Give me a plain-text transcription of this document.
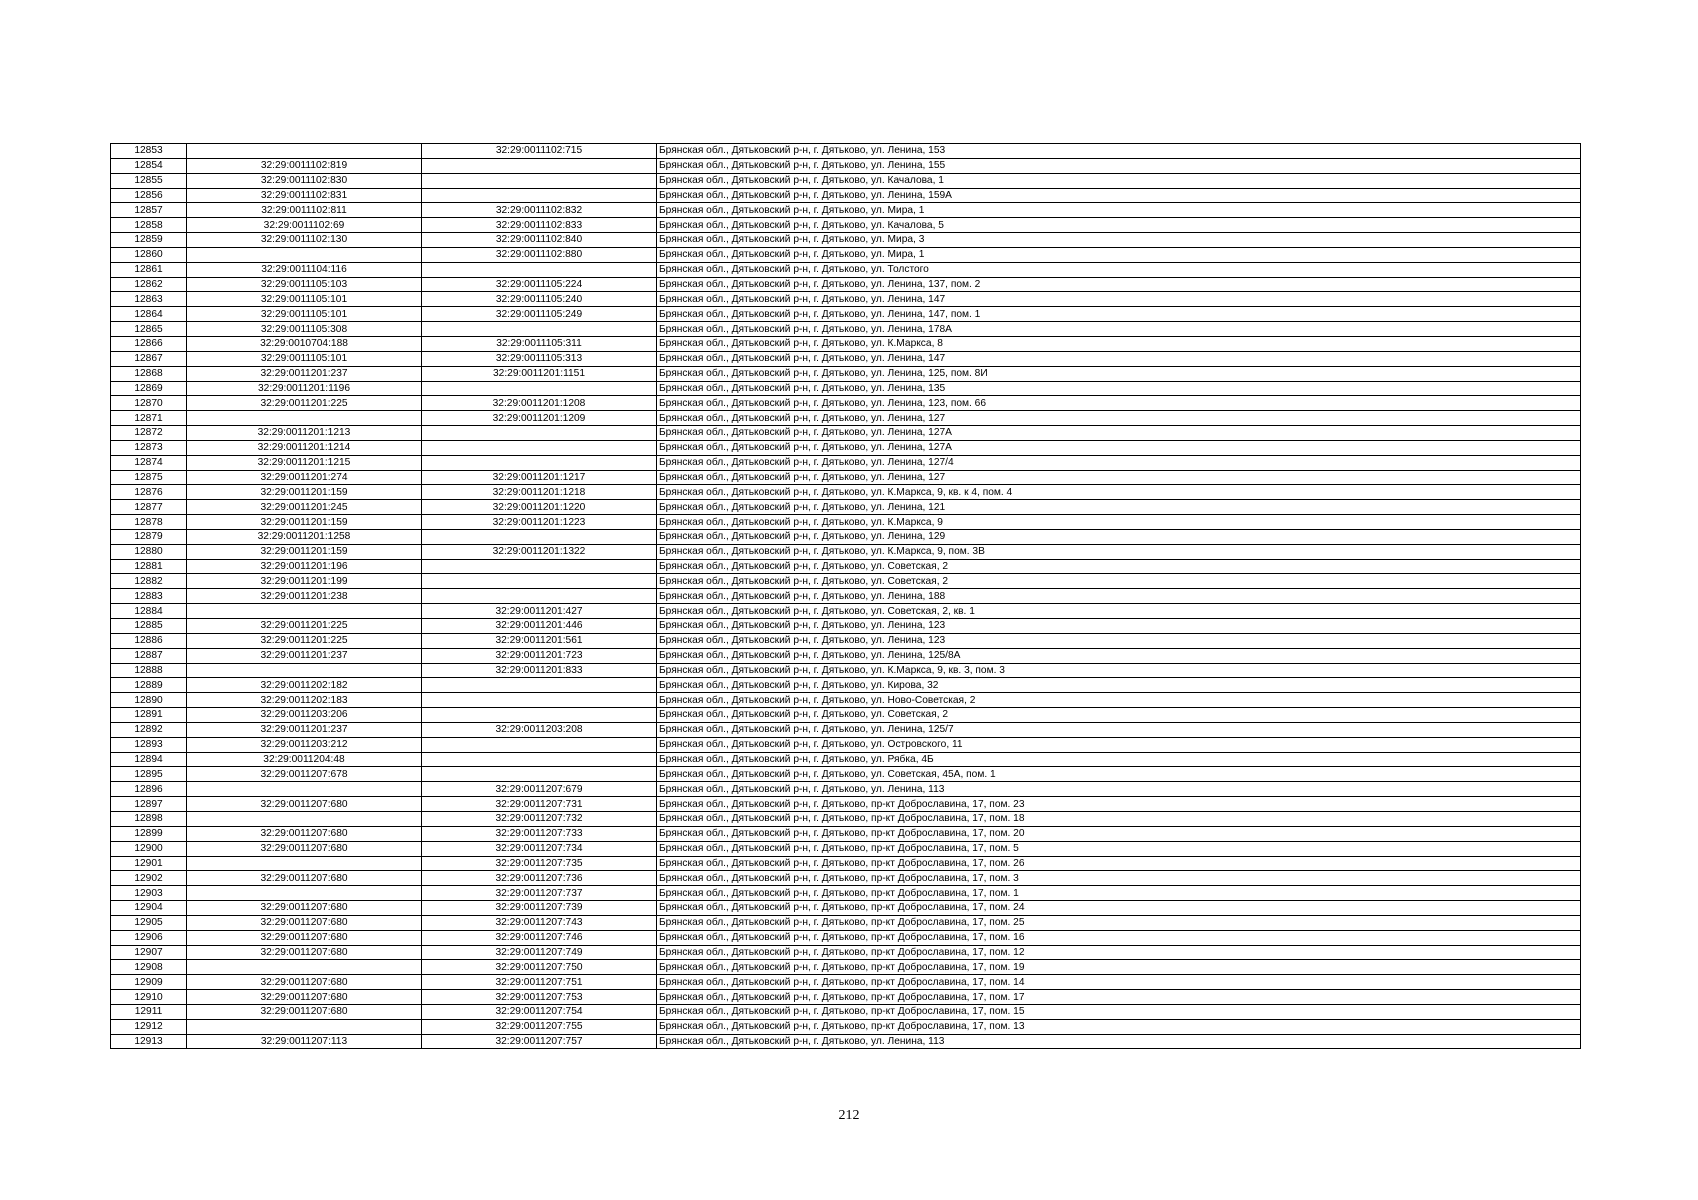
12853		32:29:0011102:715	Брянская обл., Дятьковский р-н, г. Дятьково, ул. Ленина, 153
12854	32:29:0011102:819		Брянская обл., Дятьковский р-н, г. Дятьково, ул. Ленина, 155
12855	32:29:0011102:830		Брянская обл., Дятьковский р-н, г. Дятьково, ул. Качалова, 1
12856	32:29:0011102:831		Брянская обл., Дятьковский р-н, г. Дятьково, ул. Ленина, 159А
12857	32:29:0011102:811	32:29:0011102:832	Брянская обл., Дятьковский р-н, г. Дятьково, ул. Мира, 1
12858	32:29:0011102:69	32:29:0011102:833	Брянская обл., Дятьковский р-н, г. Дятьково, ул. Качалова, 5
12859	32:29:0011102:130	32:29:0011102:840	Брянская обл., Дятьковский р-н, г. Дятьково, ул. Мира, 3
12860		32:29:0011102:880	Брянская обл., Дятьковский р-н, г. Дятьково, ул. Мира, 1
12861	32:29:0011104:116		Брянская обл., Дятьковский р-н, г. Дятьково, ул. Толстого
12862	32:29:0011105:103	32:29:0011105:224	Брянская обл., Дятьковский р-н, г. Дятьково, ул. Ленина, 137, пом. 2
12863	32:29:0011105:101	32:29:0011105:240	Брянская обл., Дятьковский р-н, г. Дятьково, ул. Ленина, 147
12864	32:29:0011105:101	32:29:0011105:249	Брянская обл., Дятьковский р-н, г. Дятьково, ул. Ленина, 147, пом. 1
12865	32:29:0011105:308		Брянская обл., Дятьковский р-н, г. Дятьково, ул. Ленина, 178А
12866	32:29:0010704:188	32:29:0011105:311	Брянская обл., Дятьковский р-н, г. Дятьково, ул. К.Маркса, 8
12867	32:29:0011105:101	32:29:0011105:313	Брянская обл., Дятьковский р-н, г. Дятьково, ул. Ленина, 147
12868	32:29:0011201:237	32:29:0011201:1151	Брянская обл., Дятьковский р-н, г. Дятьково, ул. Ленина, 125, пом. 8И
12869	32:29:0011201:1196		Брянская обл., Дятьковский р-н, г. Дятьково, ул. Ленина, 135
12870	32:29:0011201:225	32:29:0011201:1208	Брянская обл., Дятьковский р-н, г. Дятьково, ул. Ленина, 123, пом. 66
12871		32:29:0011201:1209	Брянская обл., Дятьковский р-н, г. Дятьково, ул. Ленина, 127
12872	32:29:0011201:1213		Брянская обл., Дятьковский р-н, г. Дятьково, ул. Ленина, 127А
12873	32:29:0011201:1214		Брянская обл., Дятьковский р-н, г. Дятьково, ул. Ленина, 127А
12874	32:29:0011201:1215		Брянская обл., Дятьковский р-н, г. Дятьково, ул. Ленина, 127/4
12875	32:29:0011201:274	32:29:0011201:1217	Брянская обл., Дятьковский р-н, г. Дятьково, ул. Ленина, 127
12876	32:29:0011201:159	32:29:0011201:1218	Брянская обл., Дятьковский р-н, г. Дятьково, ул. К.Маркса, 9, кв. к 4, пом. 4
12877	32:29:0011201:245	32:29:0011201:1220	Брянская обл., Дятьковский р-н, г. Дятьково, ул. Ленина, 121
12878	32:29:0011201:159	32:29:0011201:1223	Брянская обл., Дятьковский р-н, г. Дятьково, ул. К.Маркса, 9
12879	32:29:0011201:1258		Брянская обл., Дятьковский р-н, г. Дятьково, ул. Ленина, 129
12880	32:29:0011201:159	32:29:0011201:1322	Брянская обл., Дятьковский р-н, г. Дятьково, ул. К.Маркса, 9, пом. 3В
12881	32:29:0011201:196		Брянская обл., Дятьковский р-н, г. Дятьково, ул. Советская, 2
12882	32:29:0011201:199		Брянская обл., Дятьковский р-н, г. Дятьково, ул. Советская, 2
12883	32:29:0011201:238		Брянская обл., Дятьковский р-н, г. Дятьково, ул. Ленина, 188
12884		32:29:0011201:427	Брянская обл., Дятьковский р-н, г. Дятьково, ул. Советская, 2, кв. 1
12885	32:29:0011201:225	32:29:0011201:446	Брянская обл., Дятьковский р-н, г. Дятьково, ул. Ленина, 123
12886	32:29:0011201:225	32:29:0011201:561	Брянская обл., Дятьковский р-н, г. Дятьково, ул. Ленина, 123
12887	32:29:0011201:237	32:29:0011201:723	Брянская обл., Дятьковский р-н, г. Дятьково, ул. Ленина, 125/8А
12888		32:29:0011201:833	Брянская обл., Дятьковский р-н, г. Дятьково, ул. К.Маркса, 9, кв. 3, пом. 3
12889	32:29:0011202:182		Брянская обл., Дятьковский р-н, г. Дятьково, ул. Кирова, 32
12890	32:29:0011202:183		Брянская обл., Дятьковский р-н, г. Дятьково, ул. Ново-Советская, 2
12891	32:29:0011203:206		Брянская обл., Дятьковский р-н, г. Дятьково, ул. Советская, 2
12892	32:29:0011201:237	32:29:0011203:208	Брянская обл., Дятьковский р-н, г. Дятьково, ул. Ленина, 125/7
12893	32:29:0011203:212		Брянская обл., Дятьковский р-н, г. Дятьково, ул. Островского, 11
12894	32:29:0011204:48		Брянская обл., Дятьковский р-н, г. Дятьково, ул. Рябка, 4Б
12895	32:29:0011207:678		Брянская обл., Дятьковский р-н, г. Дятьково, ул. Советская, 45А, пом. 1
12896		32:29:0011207:679	Брянская обл., Дятьковский р-н, г. Дятьково, ул. Ленина, 113
12897	32:29:0011207:680	32:29:0011207:731	Брянская обл., Дятьковский р-н, г. Дятьково, пр-кт Доброславина, 17, пом. 23
12898		32:29:0011207:732	Брянская обл., Дятьковский р-н, г. Дятьково, пр-кт Доброславина, 17, пом. 18
12899	32:29:0011207:680	32:29:0011207:733	Брянская обл., Дятьковский р-н, г. Дятьково, пр-кт Доброславина, 17, пом. 20
12900	32:29:0011207:680	32:29:0011207:734	Брянская обл., Дятьковский р-н, г. Дятьково, пр-кт Доброславина, 17, пом. 5
12901		32:29:0011207:735	Брянская обл., Дятьковский р-н, г. Дятьково, пр-кт Доброславина, 17, пом. 26
12902	32:29:0011207:680	32:29:0011207:736	Брянская обл., Дятьковский р-н, г. Дятьково, пр-кт Доброславина, 17, пом. 3
12903		32:29:0011207:737	Брянская обл., Дятьковский р-н, г. Дятьково, пр-кт Доброславина, 17, пом. 1
12904	32:29:0011207:680	32:29:0011207:739	Брянская обл., Дятьковский р-н, г. Дятьково, пр-кт Доброславина, 17, пом. 24
12905	32:29:0011207:680	32:29:0011207:743	Брянская обл., Дятьковский р-н, г. Дятьково, пр-кт Доброславина, 17, пом. 25
12906	32:29:0011207:680	32:29:0011207:746	Брянская обл., Дятьковский р-н, г. Дятьково, пр-кт Доброславина, 17, пом. 16
12907	32:29:0011207:680	32:29:0011207:749	Брянская обл., Дятьковский р-н, г. Дятьково, пр-кт Доброславина, 17, пом. 12
12908		32:29:0011207:750	Брянская обл., Дятьковский р-н, г. Дятьково, пр-кт Доброславина, 17, пом. 19
12909	32:29:0011207:680	32:29:0011207:751	Брянская обл., Дятьковский р-н, г. Дятьково, пр-кт Доброславина, 17, пом. 14
12910	32:29:0011207:680	32:29:0011207:753	Брянская обл., Дятьковский р-н, г. Дятьково, пр-кт Доброславина, 17, пом. 17
12911	32:29:0011207:680	32:29:0011207:754	Брянская обл., Дятьковский р-н, г. Дятьково, пр-кт Доброславина, 17, пом. 15
12912		32:29:0011207:755	Брянская обл., Дятьковский р-н, г. Дятьково, пр-кт Доброславина, 17, пом. 13
12913	32:29:0011207:113	32:29:0011207:757	Брянская обл., Дятьковский р-н, г. Дятьково, ул. Ленина, 113
212
